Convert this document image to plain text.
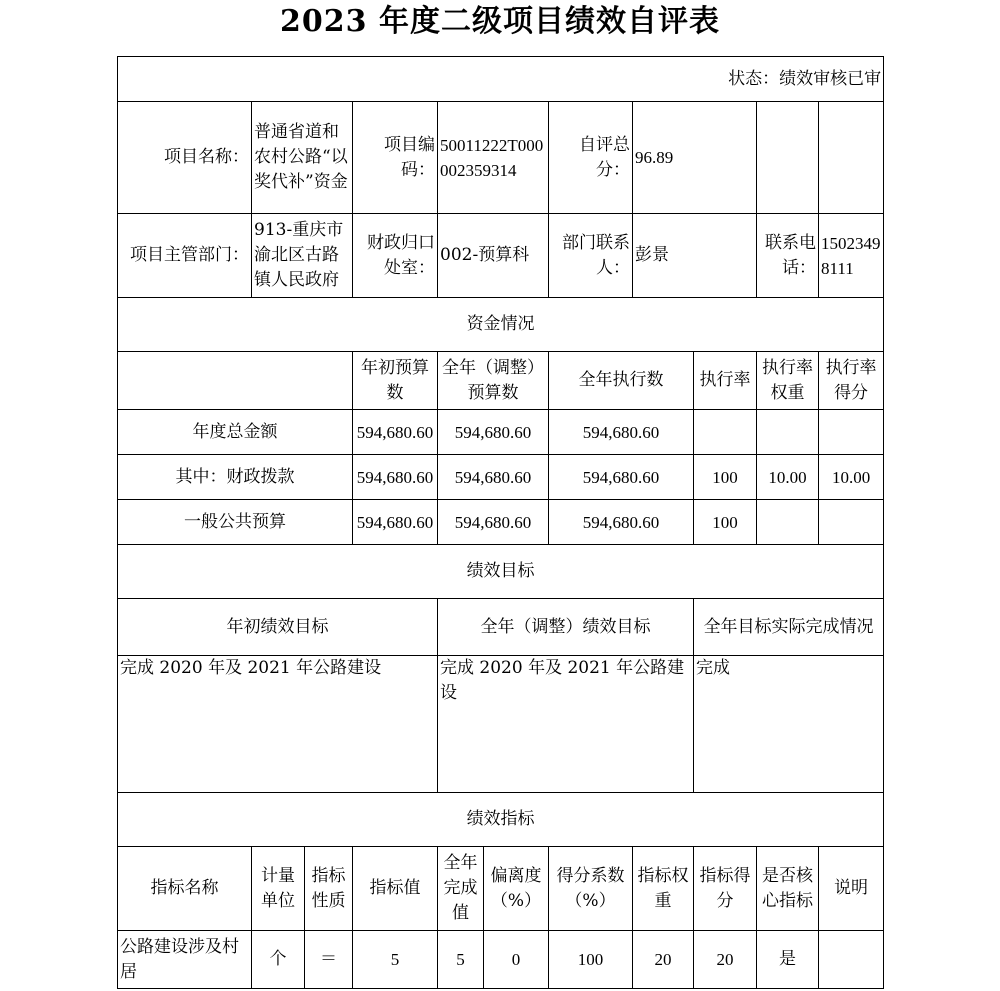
2023 年度二级项目绩效自评表
状态：绩效审核已审										
项目名称：	普通省道和农村公路“以奖代补”资金		项目编码：	50011222T000002359314		自评总分：	96.89			
项目主管部门：	913-重庆市渝北区古路镇人民政府		财政归口处室：	002-预算科		部门联系人：	彭景		联系电话：	15023498111
资金情况										
			年初预算数	全年（调整）预算数		全年执行数		执行率	执行率权重	执行率得分
年度总金额			594,680.60	594,680.60		594,680.60				
其中：财政拨款			594,680.60	594,680.60		594,680.60		100	10.00	10.00
一般公共预算			594,680.60	594,680.60		594,680.60		100		
绩效目标										
年初绩效目标				全年（调整）绩效目标				全年目标实际完成情况		
完成 2020 年及 2021 年公路建设				完成 2020 年及 2021 年公路建设				完成		
绩效指标										
指标名称	计量单位	指标性质	指标值	全年完成值	偏离度（%）	得分系数（%）	指标权重	指标得分	是否核心指标	说明
公路建设涉及村居	个	＝	5	5	0	100	20	20	是	
